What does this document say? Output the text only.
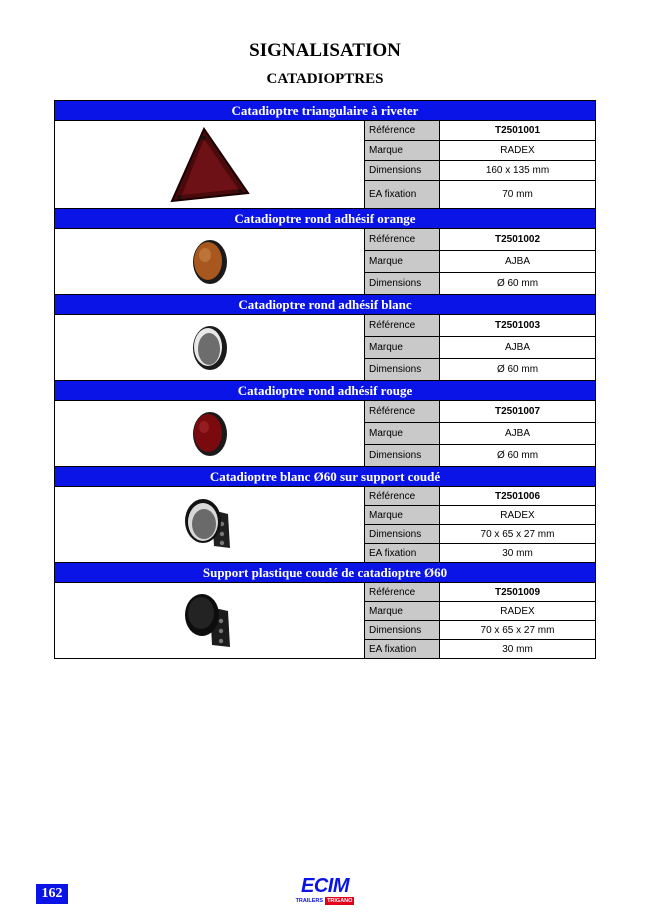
SIGNALISATION
CATADIOPTRES
Catadioptre triangulaire à riveter
Référence	T2501001
Marque	RADEX
Dimensions	160 x 135 mm
EA fixation	70 mm
Catadioptre rond adhésif orange
Référence	T2501002
Marque	AJBA
Dimensions	Ø 60 mm
Catadioptre rond adhésif blanc
Référence	T2501003
Marque	AJBA
Dimensions	Ø 60 mm
Catadioptre rond adhésif rouge
Référence	T2501007
Marque	AJBA
Dimensions	Ø 60 mm
Catadioptre blanc Ø60 sur support coudé
Référence	T2501006
Marque	RADEX
Dimensions	70 x 65 x 27 mm
EA fixation	30 mm
Support plastique coudé de catadioptre Ø60
Référence	T2501009
Marque	RADEX
Dimensions	70 x 65 x 27 mm
EA fixation	30 mm
162	ECIM
TRAILERS TRIGANO
